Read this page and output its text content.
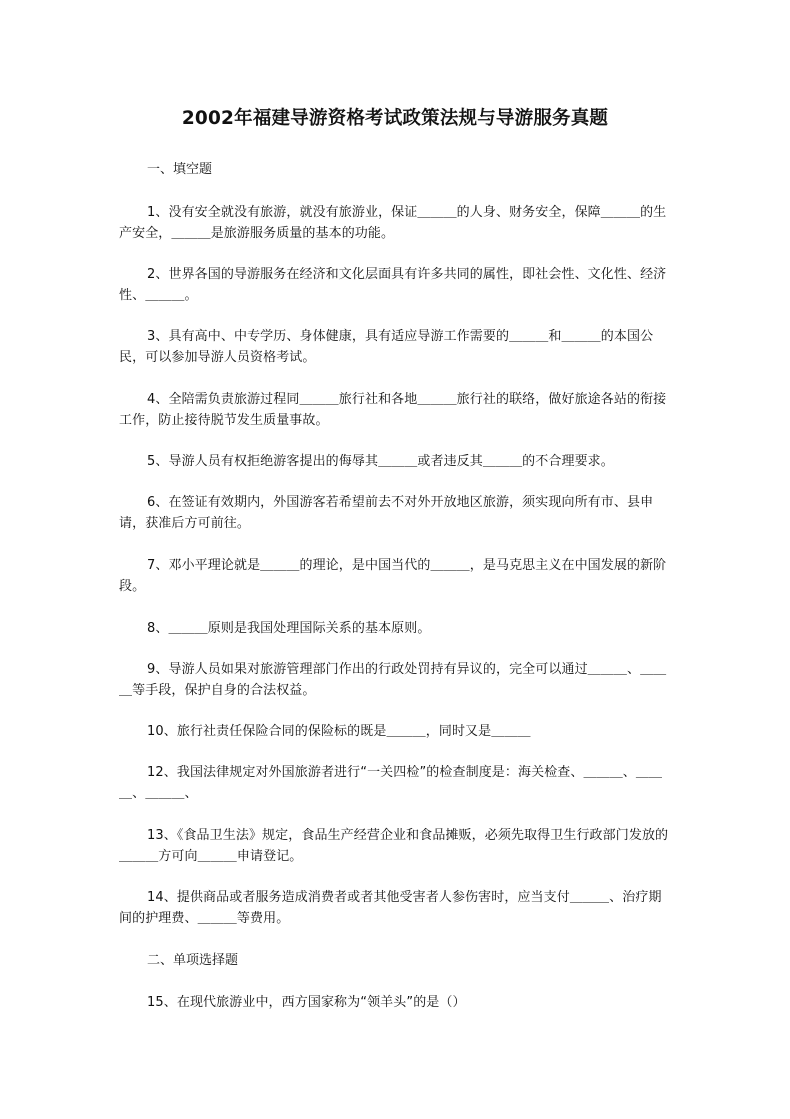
2002年福建导游资格考试政策法规与导游服务真题

一、填空题

1、没有安全就没有旅游，就没有旅游业，保证＿＿＿的人身、财务安全，保障＿＿＿的生产安全，＿＿＿是旅游服务质量的基本的功能。

2、世界各国的导游服务在经济和文化层面具有许多共同的属性，即社会性、文化性、经济性、＿＿＿。

3、具有高中、中专学历、身体健康，具有适应导游工作需要的＿＿＿和＿＿＿的本国公民，可以参加导游人员资格考试。

4、全陪需负责旅游过程同＿＿＿旅行社和各地＿＿＿旅行社的联络，做好旅途各站的衔接工作，防止接待脱节发生质量事故。

5、导游人员有权拒绝游客提出的侮辱其＿＿＿或者违反其＿＿＿的不合理要求。

6、在签证有效期内，外国游客若希望前去不对外开放地区旅游，须实现向所有市、县申请，获准后方可前往。

7、邓小平理论就是＿＿＿的理论，是中国当代的＿＿＿，是马克思主义在中国发展的新阶段。

8、＿＿＿原则是我国处理国际关系的基本原则。

9、导游人员如果对旅游管理部门作出的行政处罚持有异议的，完全可以通过＿＿＿、＿＿＿等手段，保护自身的合法权益。

10、旅行社责任保险合同的保险标的既是＿＿＿，同时又是＿＿＿

12、我国法律规定对外国旅游者进行“一关四检”的检查制度是：海关检查、＿＿＿、＿＿＿、＿＿＿、

13、《食品卫生法》规定，食品生产经营企业和食品摊贩，必须先取得卫生行政部门发放的＿＿＿方可向＿＿＿申请登记。

14、提供商品或者服务造成消费者或者其他受害者人参伤害时，应当支付＿＿＿、治疗期间的护理费、＿＿＿等费用。

二、单项选择题

15、在现代旅游业中，西方国家称为“领羊头”的是（）
